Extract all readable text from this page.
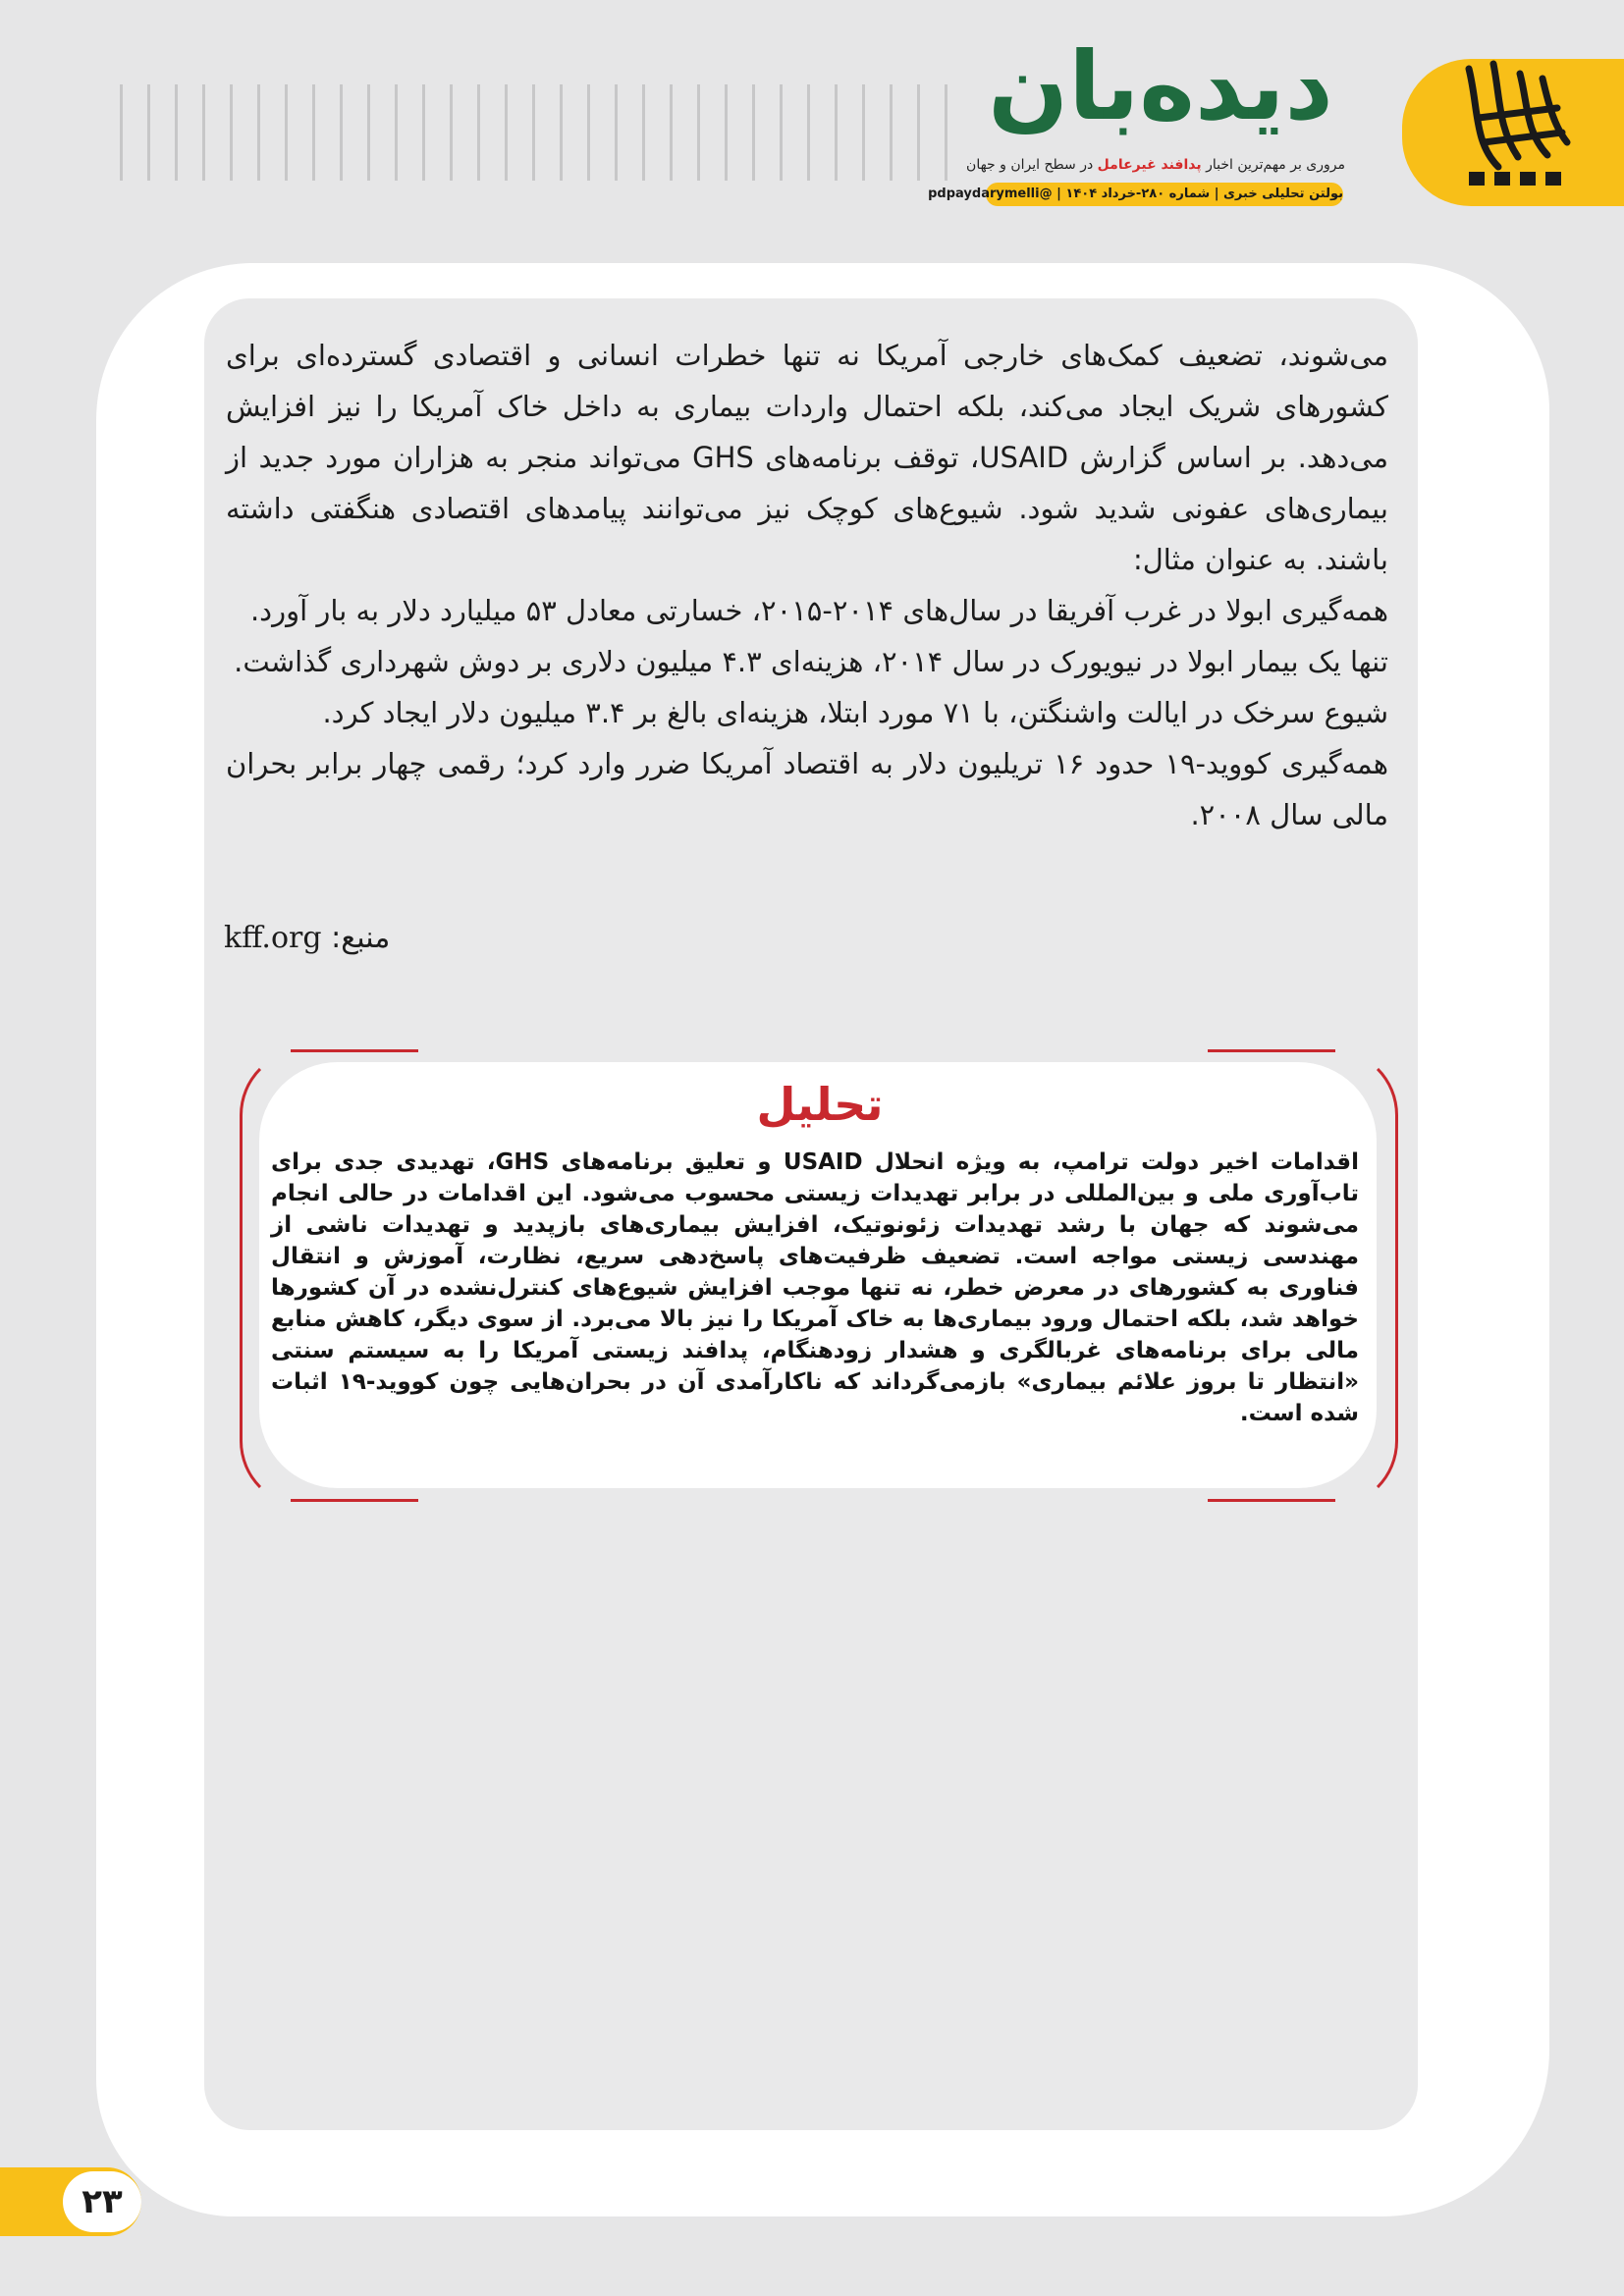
دیده‌بان
مروری بر مهم‌ترین اخبار پدافند غیرعامل در سطح ایران و جهان
بولتن تحلیلی خبری | شماره ۲۸۰-خرداد ۱۴۰۴ | @pdpaydarymelli

می‌شوند، تضعیف کمک‌های خارجی آمریکا نه تنها خطرات انسانی و اقتصادی گسترده‌ای برای کشورهای شریک ایجاد می‌کند، بلکه احتمال واردات بیماری به داخل خاک آمریکا را نیز افزایش می‌دهد. بر اساس گزارش USAID، توقف برنامه‌های GHS می‌تواند منجر به هزاران مورد جدید از بیماری‌های عفونی شدید شود. شیوع‌های کوچک نیز می‌توانند پیامدهای اقتصادی هنگفتی داشته باشند. به عنوان مثال:

همه‌گیری ابولا در غرب آفریقا در سال‌های ۲۰۱۴-۲۰۱۵، خسارتی معادل ۵۳ میلیارد دلار به بار آورد.

تنها یک بیمار ابولا در نیویورک در سال ۲۰۱۴، هزینه‌ای ۴.۳ میلیون دلاری بر دوش شهرداری گذاشت.

شیوع سرخک در ایالت واشنگتن، با ۷۱ مورد ابتلا، هزینه‌ای بالغ بر ۳.۴ میلیون دلار ایجاد کرد.

همه‌گیری کووید-۱۹ حدود ۱۶ تریلیون دلار به اقتصاد آمریکا ضرر وارد کرد؛ رقمی چهار برابر بحران مالی سال ۲۰۰۸.

منبع: kff.org
تحلیل
اقدامات اخیر دولت ترامپ، به ویژه انحلال USAID و تعلیق برنامه‌های GHS، تهدیدی جدی برای تاب‌آوری ملی و بین‌المللی در برابر تهدیدات زیستی محسوب می‌شود. این اقدامات در حالی انجام می‌شوند که جهان با رشد تهدیدات زئونوتیک، افزایش بیماری‌های بازپدید و تهدیدات ناشی از مهندسی زیستی مواجه است. تضعیف ظرفیت‌های پاسخ‌دهی سریع، نظارت، آموزش و انتقال فناوری به کشورهای در معرض خطر، نه تنها موجب افزایش شیوع‌های کنترل‌نشده در آن کشورها خواهد شد، بلکه احتمال ورود بیماری‌ها به خاک آمریکا را نیز بالا می‌برد. از سوی دیگر، کاهش منابع مالی برای برنامه‌های غربالگری و هشدار زودهنگام، پدافند زیستی آمریکا را به سیستم سنتی «انتظار تا بروز علائم بیماری» بازمی‌گرداند که ناکارآمدی آن در بحران‌هایی چون کووید-۱۹ اثبات شده است.
۲۳
